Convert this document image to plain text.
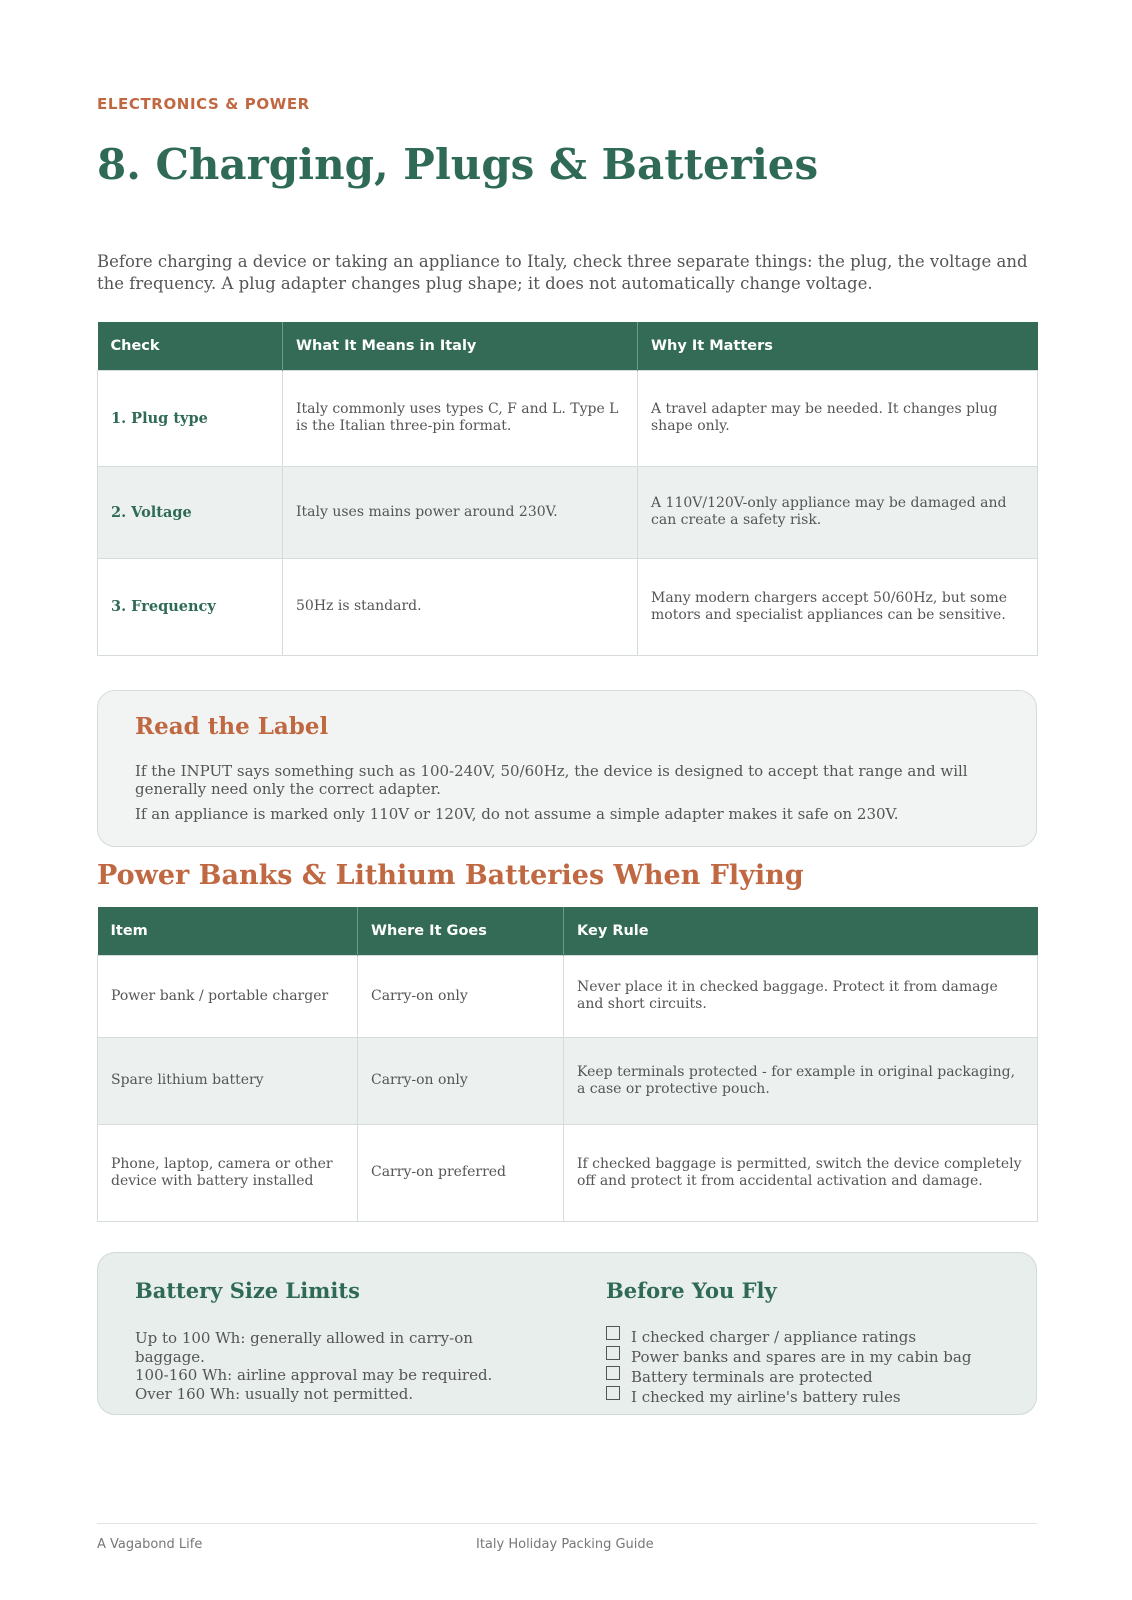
ELECTRONICS & POWER
8. Charging, Plugs & Batteries

Before charging a device or taking an appliance to Italy, check three separate things: the plug, the voltage and the frequency. A plug adapter changes plug shape; it does not automatically change voltage.

Check	What It Means in Italy	Why It Matters
1. Plug type	Italy commonly uses types C, F and L. Type L is the Italian three-pin format.	A travel adapter may be needed. It changes plug shape only.
2. Voltage	Italy uses mains power around 230V.	A 110V/120V-only appliance may be damaged and can create a safety risk.
3. Frequency	50Hz is standard.	Many modern chargers accept 50/60Hz, but some motors and specialist appliances can be sensitive.
Read the Label

If the INPUT says something such as 100-240V, 50/60Hz, the device is designed to accept that range and will generally need only the correct adapter.

If an appliance is marked only 110V or 120V, do not assume a simple adapter makes it safe on 230V.

Power Banks & Lithium Batteries When Flying
Item	Where It Goes	Key Rule
Power bank / portable charger	Carry-on only	Never place it in checked baggage. Protect it from damage and short circuits.
Spare lithium battery	Carry-on only	Keep terminals protected - for example in original packaging, a case or protective pouch.
Phone, laptop, camera or other device with battery installed	Carry-on preferred	If checked baggage is permitted, switch the device completely off and protect it from accidental activation and damage.
Battery Size Limits
Up to 100 Wh: generally allowed in carry-on baggage.
100-160 Wh: airline approval may be required.
Over 160 Wh: usually not permitted.
Before You Fly
I checked charger / appliance ratings
Power banks and spares are in my cabin bag
Battery terminals are protected
I checked my airline's battery rules
A Vagabond Life	Italy Holiday Packing Guide
